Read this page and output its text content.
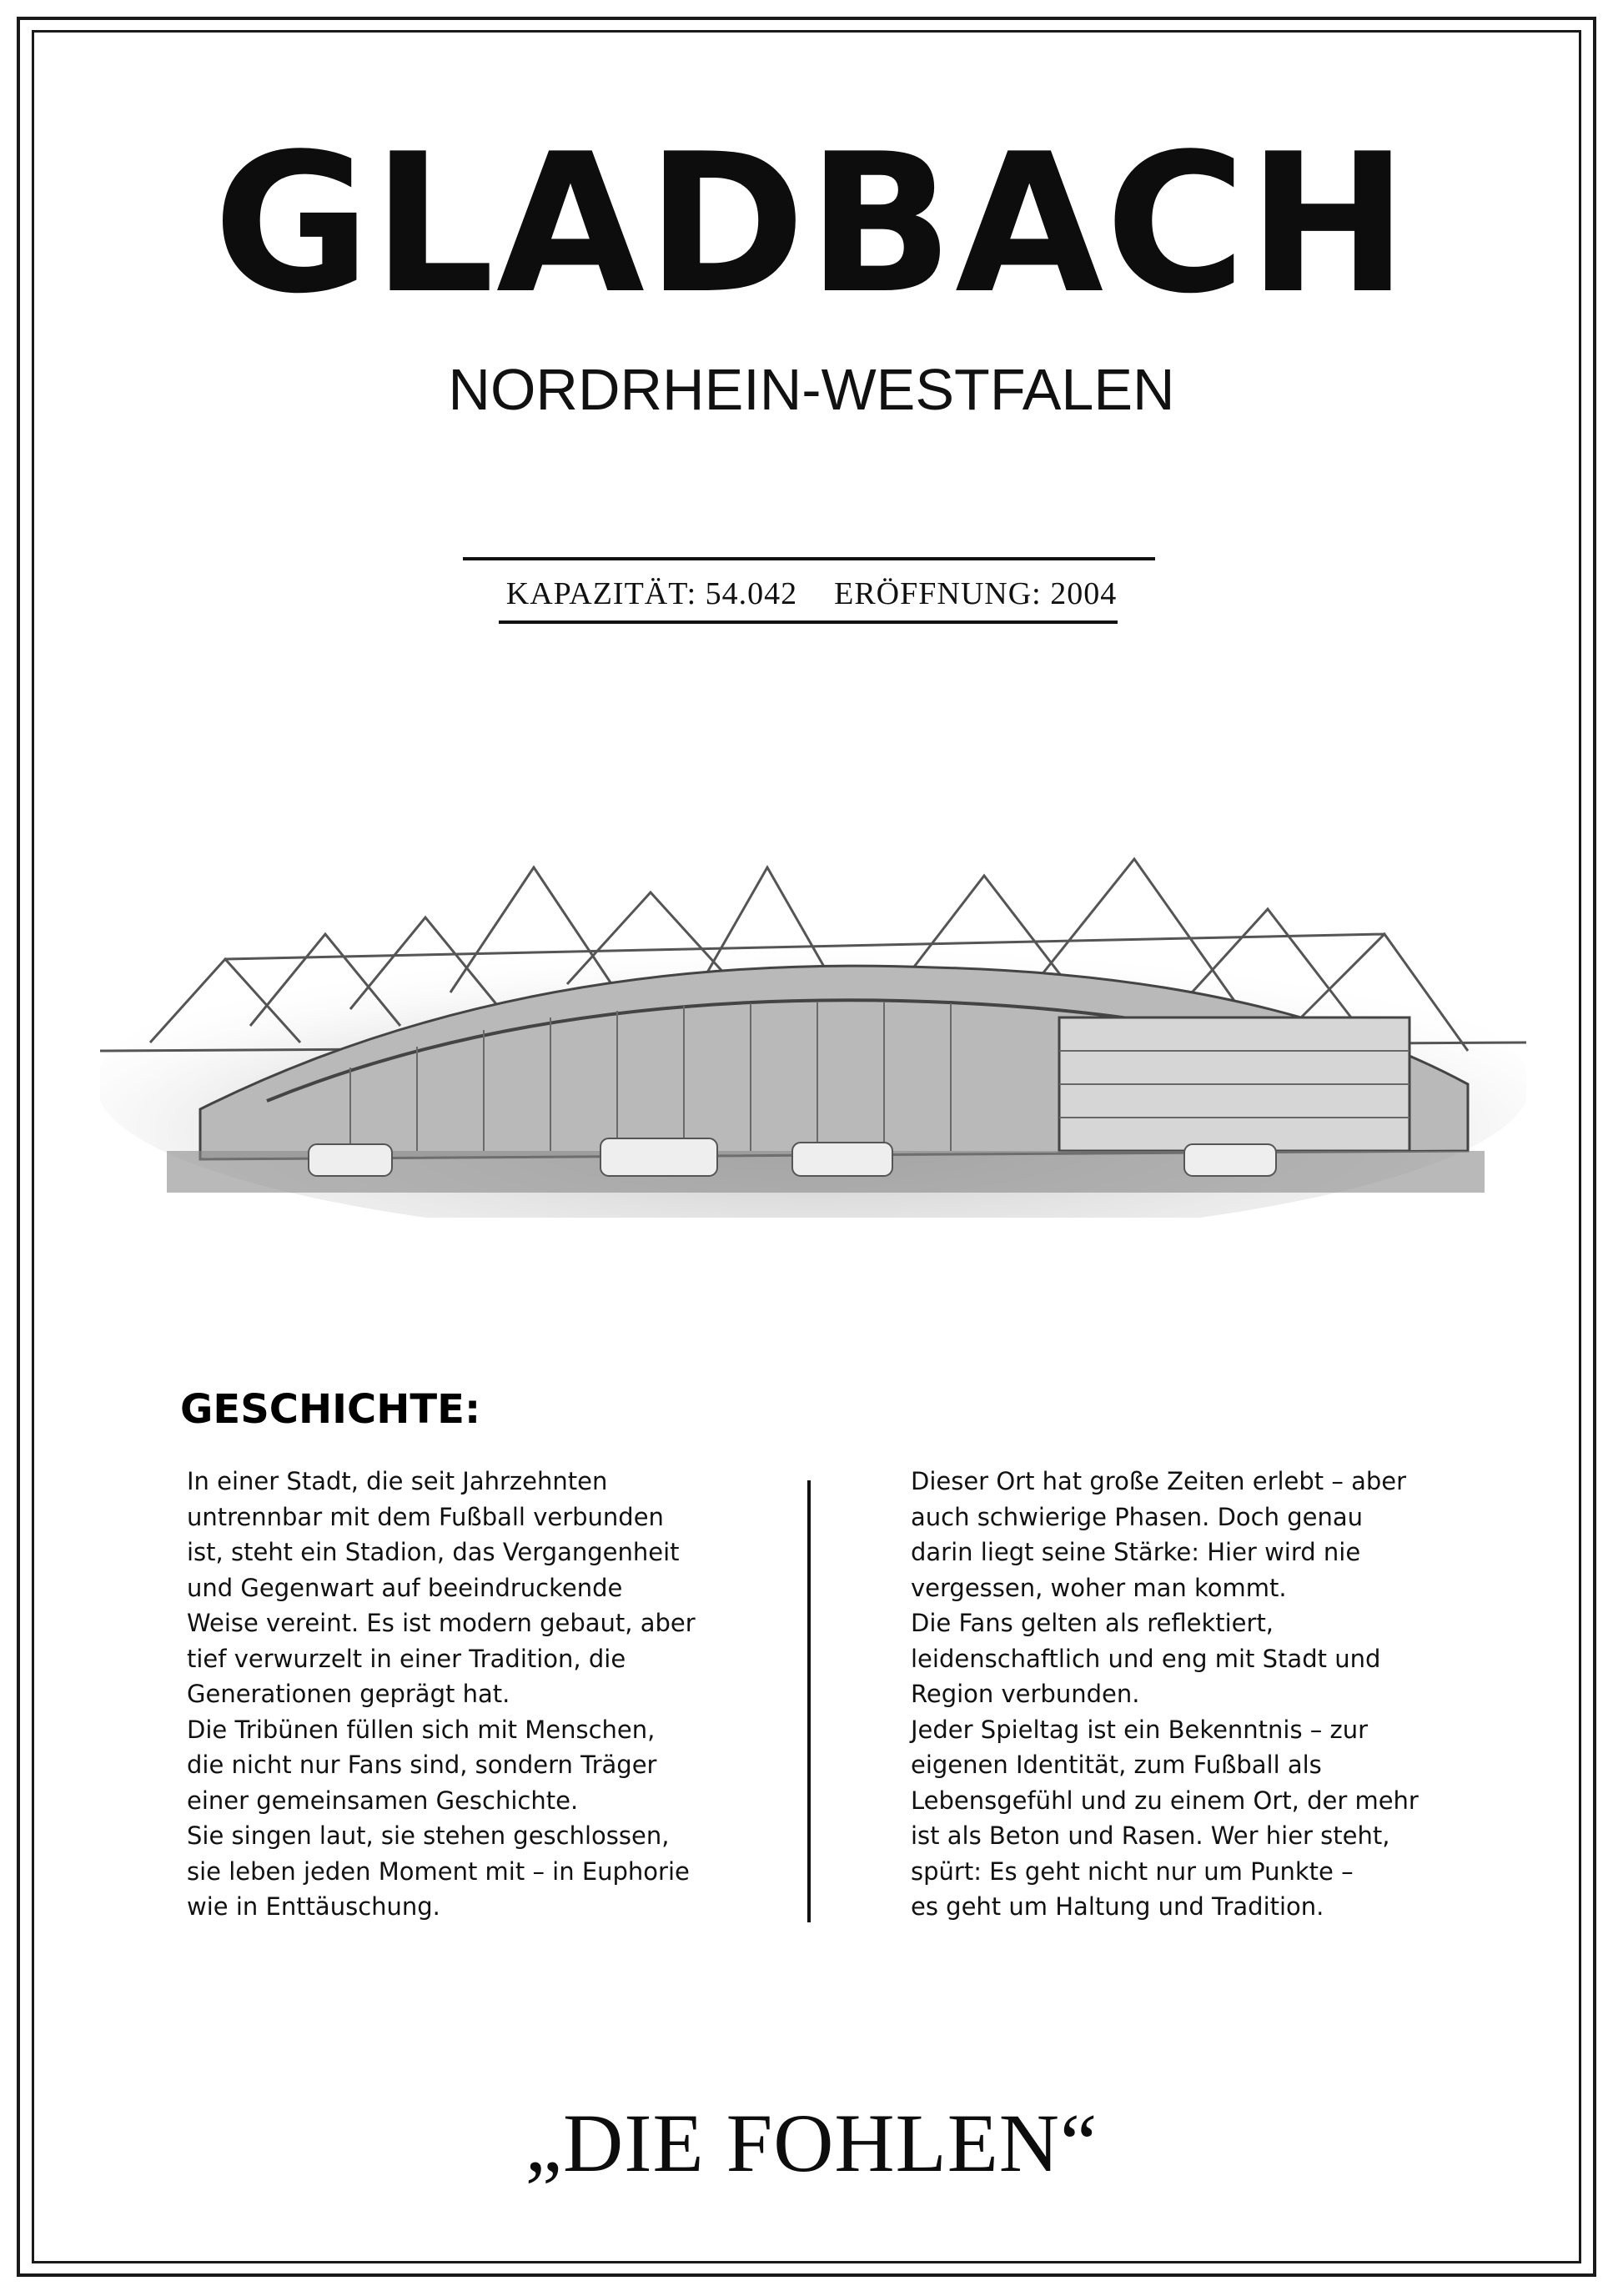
GLADBACH
NORDRHEIN-WESTFALEN
KAPAZITÄT: 54.042 ERÖFFNUNG: 2004
GESCHICHTE:

In einer Stadt, die seit Jahrzehnten
untrennbar mit dem Fußball verbunden
ist, steht ein Stadion, das Vergangenheit
und Gegenwart auf beeindruckende
Weise vereint. Es ist modern gebaut, aber
tief verwurzelt in einer Tradition, die
Generationen geprägt hat.
Die Tribünen füllen sich mit Menschen,
die nicht nur Fans sind, sondern Träger
einer gemeinsamen Geschichte.
Sie singen laut, sie stehen geschlossen,
sie leben jeden Moment mit – in Euphorie
wie in Enttäuschung.

Dieser Ort hat große Zeiten erlebt – aber
auch schwierige Phasen. Doch genau
darin liegt seine Stärke: Hier wird nie
vergessen, woher man kommt.
Die Fans gelten als reflektiert,
leidenschaftlich und eng mit Stadt und
Region verbunden.
Jeder Spieltag ist ein Bekenntnis – zur
eigenen Identität, zum Fußball als
Lebensgefühl und zu einem Ort, der mehr
ist als Beton und Rasen. Wer hier steht,
spürt: Es geht nicht nur um Punkte –
es geht um Haltung und Tradition.

„DIE FOHLEN“
